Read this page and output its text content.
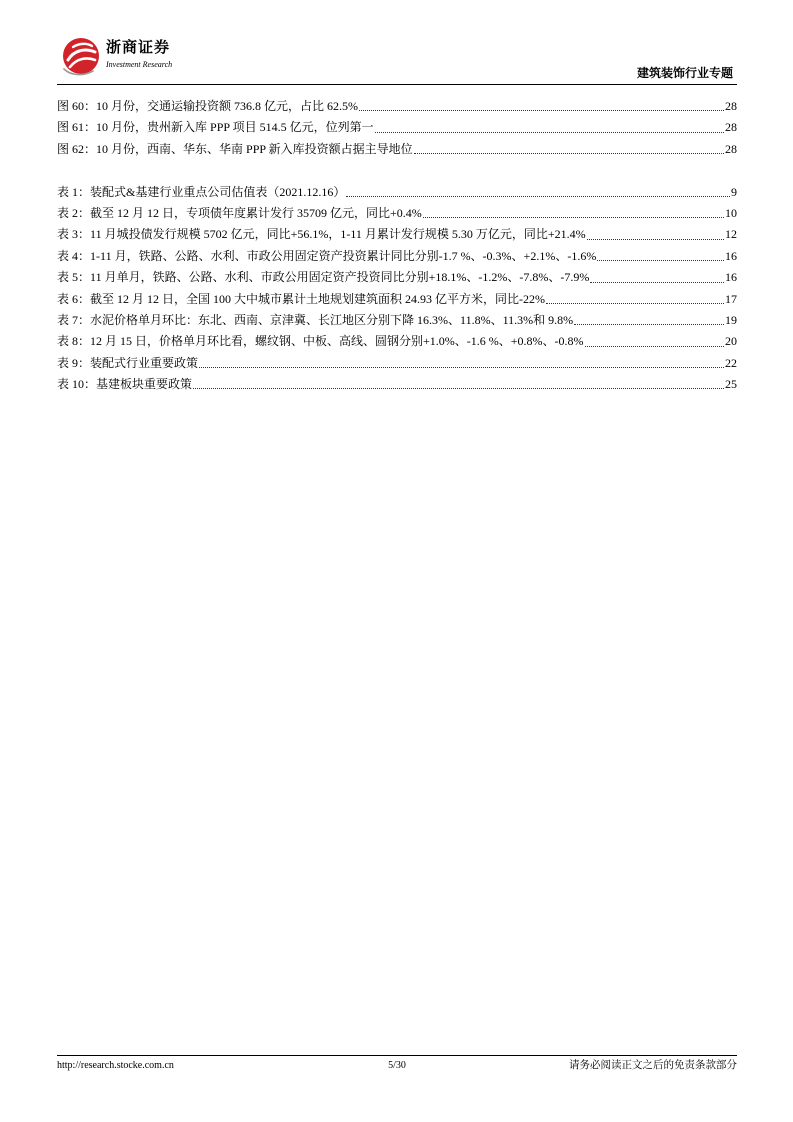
浙商证券
Investment Research
建筑装饰行业专题
图 60：10 月份，交通运输投资额 736.8 亿元，占比 62.5%	28
图 61：10 月份，贵州新入库 PPP 项目 514.5 亿元，位列第一	28
图 62：10 月份，西南、华东、华南 PPP 新入库投资额占据主导地位	28
表 1：装配式&基建行业重点公司估值表（2021.12.16）	9
表 2：截至 12 月 12 日，专项债年度累计发行 35709 亿元，同比+0.4%	10
表 3：11 月城投债发行规模 5702 亿元，同比+56.1%，1-11 月累计发行规模 5.30 万亿元，同比+21.4%	12
表 4：1-11 月，铁路、公路、水利、市政公用固定资产投资累计同比分别-1.7 %、-0.3%、+2.1%、-1.6%	16
表 5：11 月单月，铁路、公路、水利、市政公用固定资产投资同比分别+18.1%、-1.2%、-7.8%、-7.9%	16
表 6：截至 12 月 12 日，全国 100 大中城市累计土地规划建筑面积 24.93 亿平方米，同比-22%	17
表 7：水泥价格单月环比：东北、西南、京津冀、长江地区分别下降 16.3%、11.8%、11.3%和 9.8%	19
表 8：12 月 15 日，价格单月环比看，螺纹钢、中板、高线、圆钢分别+1.0%、-1.6 %、+0.8%、-0.8%	20
表 9：装配式行业重要政策	22
表 10：基建板块重要政策	25
http://research.stocke.com.cn	5/30	请务必阅读正文之后的免责条款部分
